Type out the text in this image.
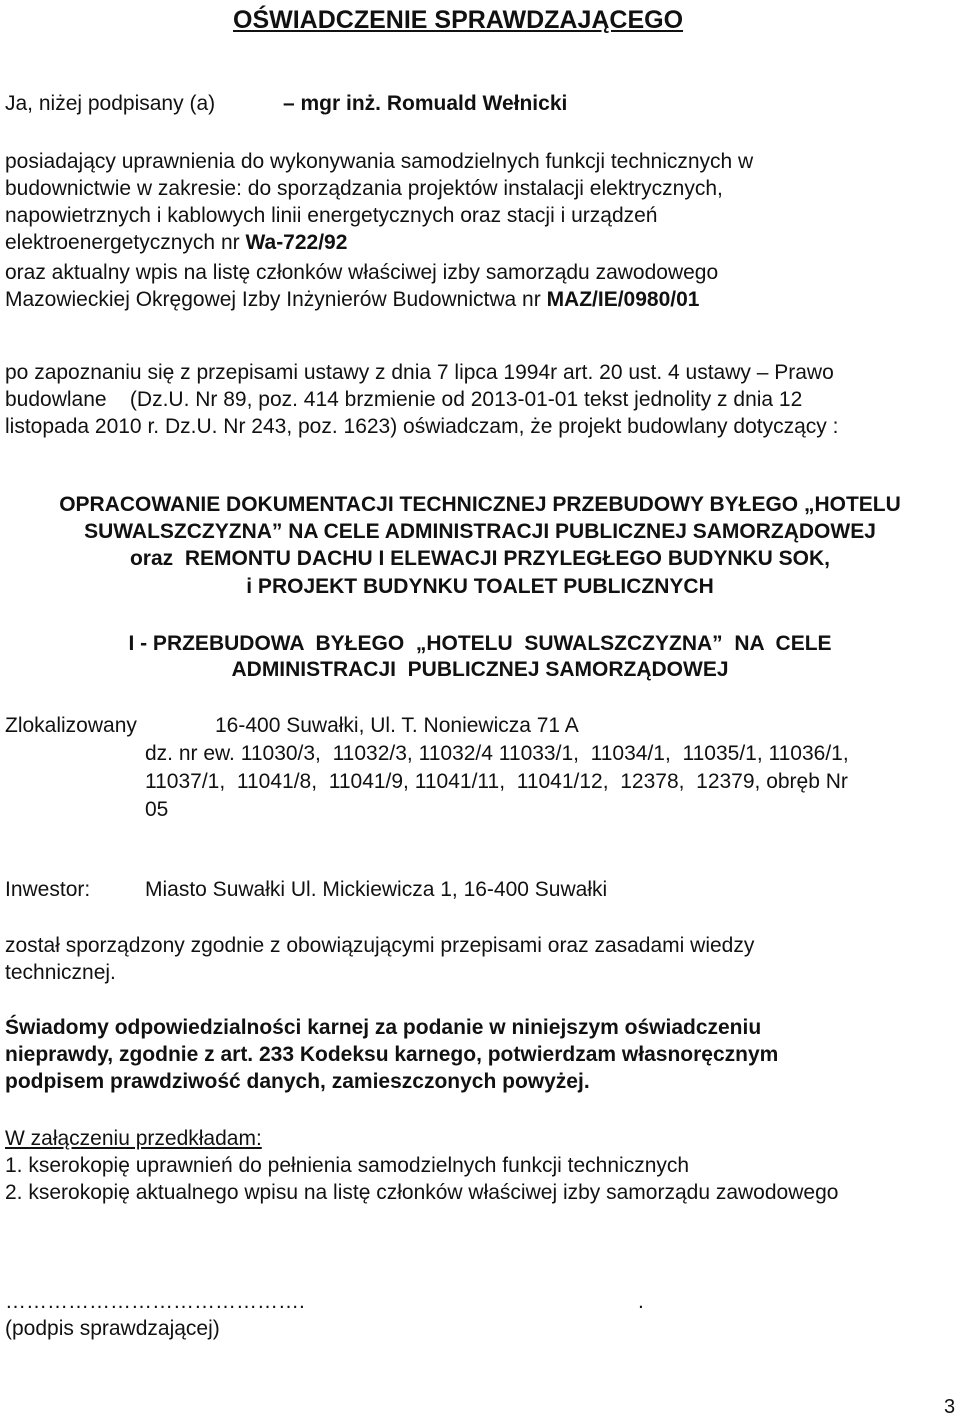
OŚWIADCZENIE SPRAWDZAJĄCEGO
Ja, niżej podpisany (a)	– mgr inż. Romuald Wełnicki
posiadający uprawnienia do wykonywania samodzielnych funkcji technicznych w
budownictwie w zakresie: do sporządzania projektów instalacji elektrycznych,
napowietrznych i kablowych linii energetycznych oraz stacji i urządzeń
elektroenergetycznych nr Wa-722/92
oraz aktualny wpis na listę członków właściwej izby samorządu zawodowego
Mazowieckiej Okręgowej Izby Inżynierów Budownictwa nr MAZ/IE/0980/01
po zapoznaniu się z przepisami ustawy z dnia 7 lipca 1994r art. 20 ust. 4 ustawy – Prawo
budowlane    (Dz.U. Nr 89, poz. 414 brzmienie od 2013-01-01 tekst jednolity z dnia 12
listopada 2010 r. Dz.U. Nr 243, poz. 1623) oświadczam, że projekt budowlany dotyczący :
OPRACOWANIE DOKUMENTACJI TECHNICZNEJ PRZEBUDOWY BYŁEGO „HOTELU
SUWALSZCZYZNA” NA CELE ADMINISTRACJI PUBLICZNEJ SAMORZĄDOWEJ
oraz  REMONTU DACHU I ELEWACJI PRZYLEGŁEGO BUDYNKU SOK,
i PROJEKT BUDYNKU TOALET PUBLICZNYCH
I - PRZEBUDOWA  BYŁEGO  „HOTELU  SUWALSZCZYZNA”  NA  CELE
ADMINISTRACJI  PUBLICZNEJ SAMORZĄDOWEJ
Zlokalizowany	16-400 Suwałki, Ul. T. Noniewicza 71 A
dz. nr ew. 11030/3,  11032/3, 11032/4 11033/1,  11034/1,  11035/1, 11036/1,
11037/1,  11041/8,  11041/9, 11041/11,  11041/12,  12378,  12379, obręb Nr
05
Inwestor:	Miasto Suwałki Ul. Mickiewicza 1, 16-400 Suwałki
został sporządzony zgodnie z obowiązującymi przepisami oraz zasadami wiedzy
technicznej.
Świadomy odpowiedzialności karnej za podanie w niniejszym oświadczeniu
nieprawdy, zgodnie z art. 233 Kodeksu karnego, potwierdzam własnoręcznym
podpisem prawdziwość danych, zamieszczonych powyżej.
W załączeniu przedkładam:
1. kserokopię uprawnień do pełnienia samodzielnych funkcji technicznych
2. kserokopię aktualnego wpisu na listę członków właściwej izby samorządu zawodowego
…………………………………….	.
(podpis sprawdzającej)
3
